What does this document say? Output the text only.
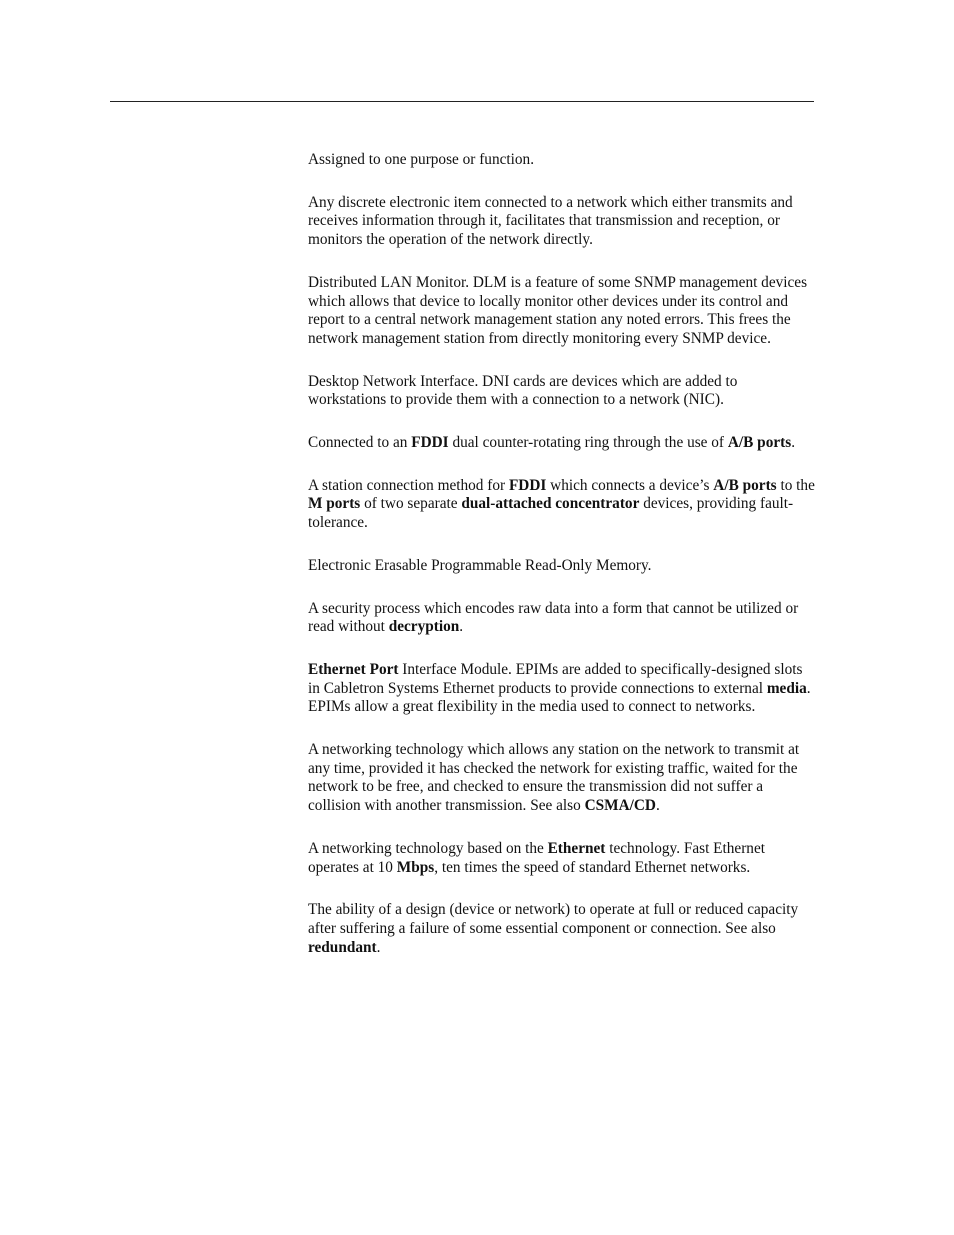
Assigned to one purpose or function.

Any discrete electronic item connected to a network which either transmits and receives information through it, facilitates that transmission and reception, or monitors the operation of the network directly.

Distributed LAN Monitor. DLM is a feature of some SNMP management devices which allows that device to locally monitor other devices under its control and report to a central network management station any noted errors. This frees the network management station from directly monitoring every SNMP device.

Desktop Network Interface. DNI cards are devices which are added to workstations to provide them with a connection to a network (NIC).

Connected to an FDDI dual counter-rotating ring through the use of A/B ports.

A station connection method for FDDI which connects a device’s A/B ports to the M ports of two separate dual-attached concentrator devices, providing fault-tolerance.

Electronic Erasable Programmable Read-Only Memory.

A security process which encodes raw data into a form that cannot be utilized or read without decryption.

Ethernet Port Interface Module. EPIMs are added to specifically-designed slots in Cabletron Systems Ethernet products to provide connections to external media. EPIMs allow a great flexibility in the media used to connect to networks.

A networking technology which allows any station on the network to transmit at any time, provided it has checked the network for existing traffic, waited for the network to be free, and checked to ensure the transmission did not suffer a collision with another transmission. See also CSMA/CD.

A networking technology based on the Ethernet technology. Fast Ethernet operates at 10 Mbps, ten times the speed of standard Ethernet networks.

The ability of a design (device or network) to operate at full or reduced capacity after suffering a failure of some essential component or connection. See also redundant.
